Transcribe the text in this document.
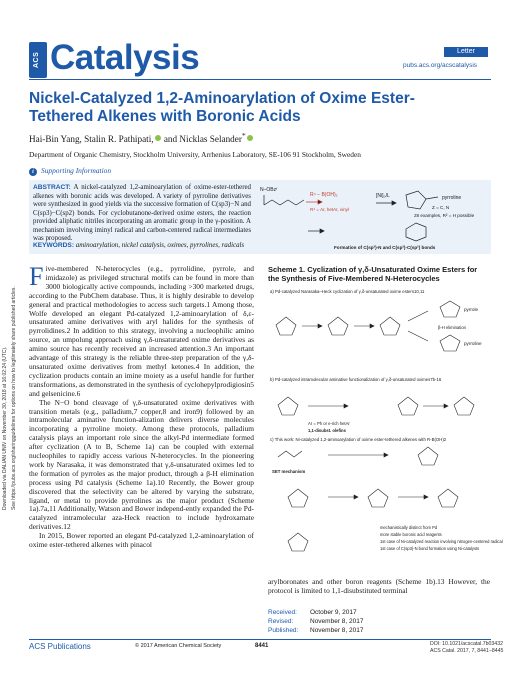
Downloaded via DALIAN UNIV on November 30, 2018 at 16:02:24 (UTC). See https://pubs.acs.org/sharingguidelines for options on how to legitimately share published articles.
ACS Catalysis	Letter
pubs.acs.org/acscatalysis
Nickel-Catalyzed 1,2-Aminoarylation of Oxime Ester-Tethered Alkenes with Boronic Acids
Hai-Bin Yang, Stalin R. Pathipati, and Nicklas Selander*
Department of Organic Chemistry, Stockholm University, Arrhenius Laboratory, SE-106 91 Stockholm, Sweden
i Supporting Information
ABSTRACT: A nickel-catalyzed 1,2-aminoarylation of oxime-ester-tethered alkenes with boronic acids was developed. A variety of pyrroline derivatives were synthesized in good yields via the successive formation of C(sp3)−N and C(sp3)−C(sp2) bonds. For cyclobutanone-derived oxime esters, the reaction provided aliphatic nitriles incorporating an aromatic group in the γ-position. A mechanism involving iminyl radical and carbon-centered radical intermediates was proposed.
KEYWORDS: aminoarylation, nickel catalysis, oximes, pyrrolines, radicals
N–OBzᶠ
R⁴ − B(OH)₂
R⁴ = Ar, hetAr, vinyl
[Ni]₀/L	pyrroline
28 examples, R² = H possible
Z = C, N
Formation of C(sp³)-N and C(sp³)-C(sp²) bonds
Five-membered N-heterocycles (e.g., pyrrolidine, pyrrole, and imidazole) as privileged structural motifs can be found in more than 3000 biologically active compounds, including >300 marketed drugs, according to the PubChem database. Thus, it is highly desirable to develop general and practical methodologies to access such targets.1 Among those, Wolfe developed an elegant Pd-catalyzed 1,2-aminoarylation of δ,ε-unsaturated amine derivatives with aryl halides for the synthesis of pyrrolidines.2 In addition to this strategy, involving a nucleophilic amino source, an umpolung approach using γ,δ-unsaturated oxime derivatives as amino source has recently received an increased attention.3 An important advantage of this strategy is the reliable three-step preparation of the γ,δ-unsaturated oxime derivatives from methyl ketones.4 In addition, the cyclization products contain an imine moiety as a useful handle for further transformations, as demonstrated in the synthesis of cyclohepylprodigiosin5 and gelsenicine.6
The N−O bond cleavage of γ,δ-unsaturated oxime derivatives with transition metals (e.g., palladium,7 copper,8 and iron9) followed by an intramolecular aminative function-alization delivers diverse molecules incorporating a pyrroline moiety. Among these protocols, palladium catalysis plays an important role since the alkyl-Pd intermediate formed after cyclization (A to B, Scheme 1a) can be coupled with external nucleophiles to rapidly access various N-heterocycles. In the pioneering work by Narasaka, it was demonstrated that γ,δ-unsaturated oximes led to the formation of pyrroles as the major product, through a β-H elimination process using Pd catalysis (Scheme 1a).10 Recently, the Bower group discovered that the selectivity can be altered by varying the substrate, ligand, or metal to provide pyrrolines as the major product (Scheme 1a).7a,11 Additionally, Watson and Bower independ-ently expanded the Pd-catalyzed intramolecular aza-Heck reaction to include hydroxamate derivatives.12
In 2015, Bower reported an elegant Pd-catalyzed 1,2-aminoarylation of oxime ester-tethered alkenes with pinacol
Scheme 1. Cyclization of γ,δ-Unsaturated Oxime Esters for the Synthesis of Five-Membered N-Heterocycles
a) Pd-catalyzed Narasaka–Heck cyclization of γ,δ-unsaturated oxime esters10,11
pyrrole
pyrroline
β-H elimination
b) Pd-catalyzed intramolecular aminative functionalization of γ,δ-unsaturated oximes7b-16
Ar = Ph or e-rich hetAr
1,1-disubst. olefins
c) This work: Ni-catalyzed 1,2-aminoarylation of oxime ester-tethered alkenes with R-B(OH)2
SET mechanism
mechanistically distinct from Pd
more stable boronic acid reagents
1st case of Ni-catalyzed reaction involving nitrogen-centered radical
1st case of C(sp3)-N bond formation using Ni-catalysts
arylboronates and other boron reagents (Scheme 1b).13 However, the protocol is limited to 1,1-disubstituted terminal
Received: October 9, 2017
Revised:	November 8, 2017
Published: November 8, 2017
ACS Publications	© 2017 American Chemical Society	8441	DOI: 10.1021/acscatal.7b03432
ACS Catal. 2017, 7, 8441−8445
